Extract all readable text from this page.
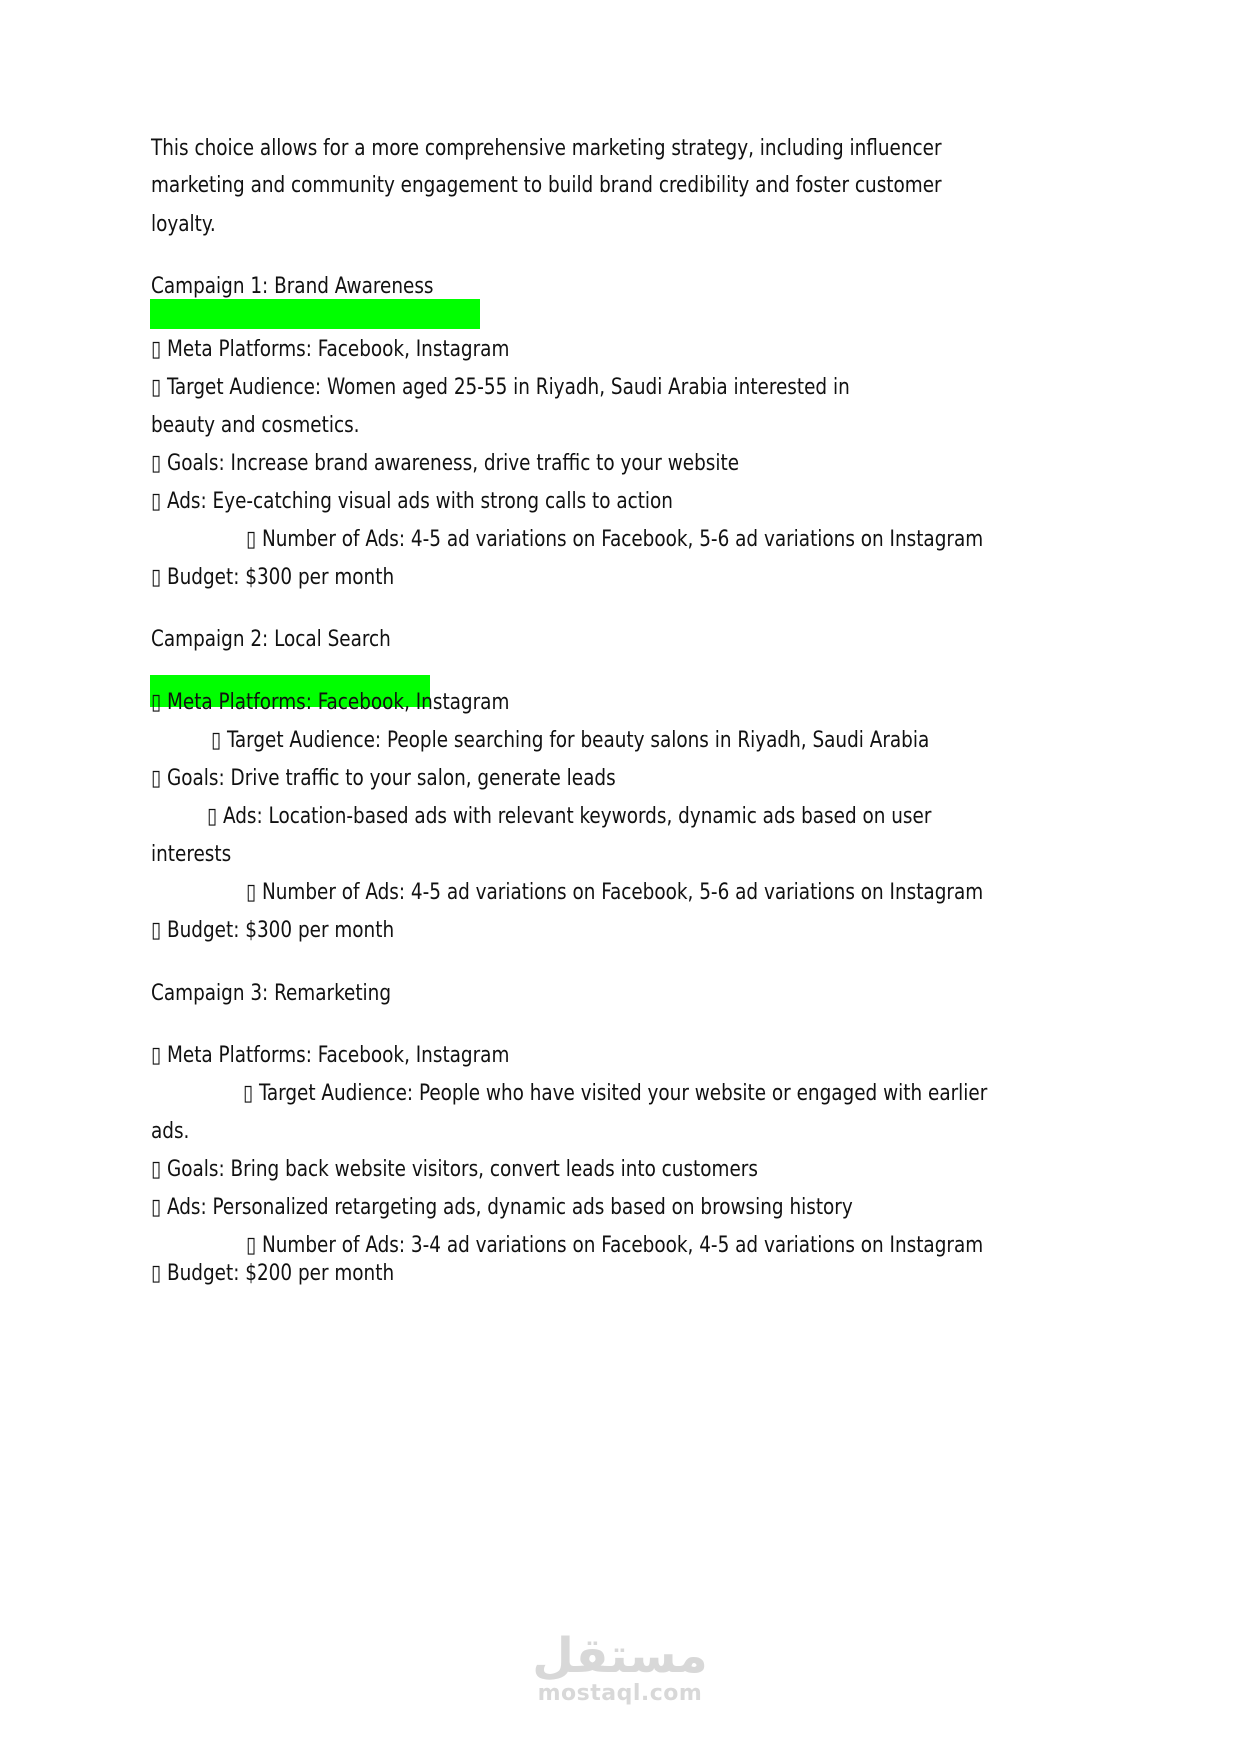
This choice allows for a more comprehensive marketing strategy, including influencer
marketing and community engagement to build brand credibility and foster customer
loyalty.
Campaign 1: Brand Awareness
▯ Meta Platforms: Facebook, Instagram
▯ Target Audience: Women aged 25-55 in Riyadh, Saudi Arabia interested in
beauty and cosmetics.
▯ Goals: Increase brand awareness, drive traffic to your website
▯ Ads: Eye-catching visual ads with strong calls to action
▯ Number of Ads: 4-5 ad variations on Facebook, 5-6 ad variations on Instagram
▯ Budget: $300 per month
Campaign 2: Local Search
▯ Meta Platforms: Facebook, Instagram
▯ Target Audience: People searching for beauty salons in Riyadh, Saudi Arabia
▯ Goals: Drive traffic to your salon, generate leads
▯ Ads: Location-based ads with relevant keywords, dynamic ads based on user
interests
▯ Number of Ads: 4-5 ad variations on Facebook, 5-6 ad variations on Instagram
▯ Budget: $300 per month
Campaign 3: Remarketing
▯ Meta Platforms: Facebook, Instagram
▯ Target Audience: People who have visited your website or engaged with earlier
ads.
▯ Goals: Bring back website visitors, convert leads into customers
▯ Ads: Personalized retargeting ads, dynamic ads based on browsing history
▯ Number of Ads: 3-4 ad variations on Facebook, 4-5 ad variations on Instagram
▯ Budget: $200 per month
مستقل
mostaql.com
